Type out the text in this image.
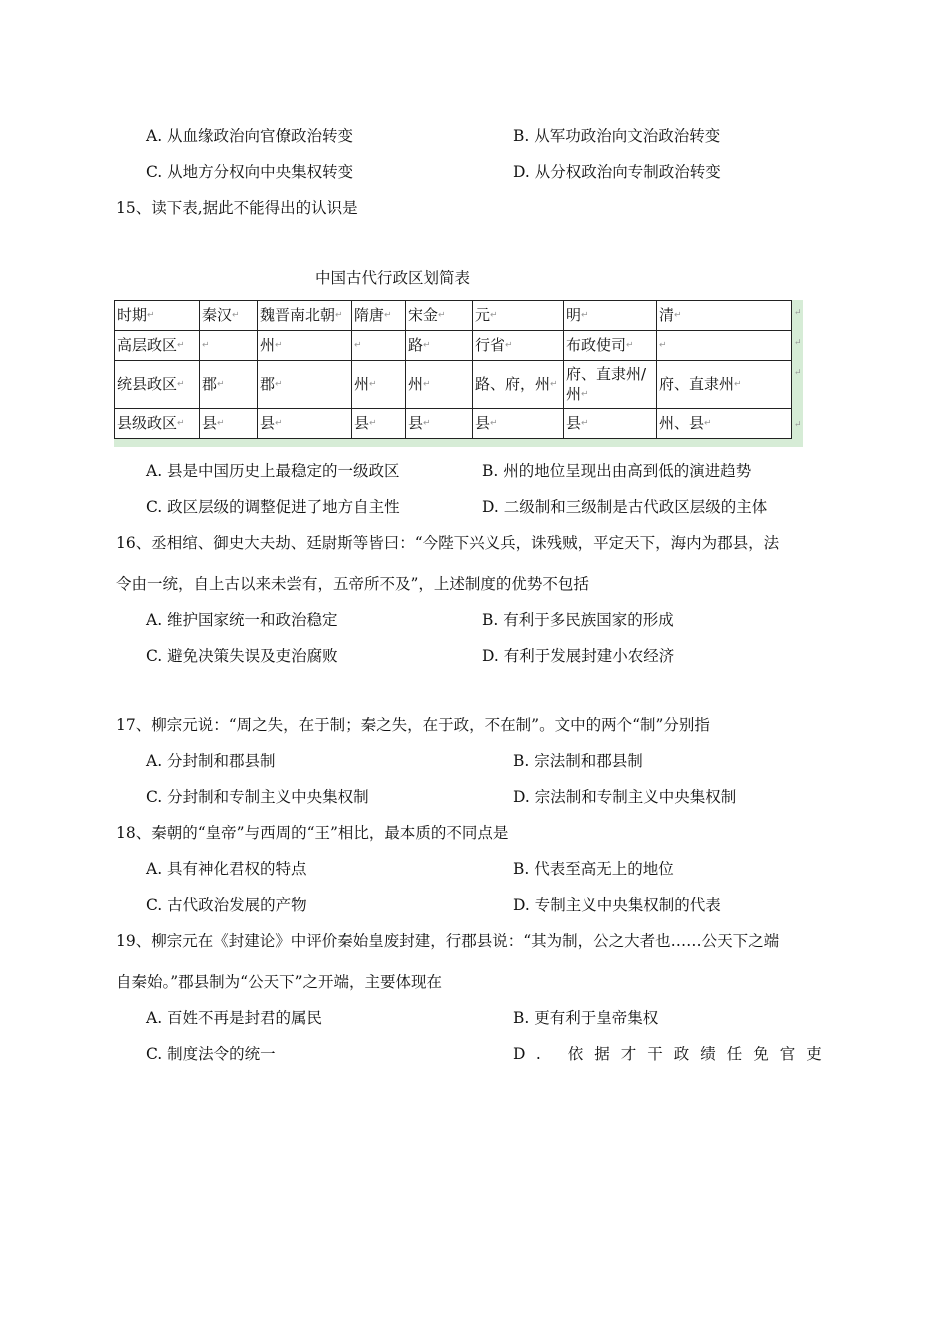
A. 从血缘政治向官僚政治转变	B. 从军功政治向文治政治转变
C. 从地方分权向中央集权转变	D. 从分权政治向专制政治转变
15、读下表,据此不能得出的认识是
中国古代行政区划简表
时期↵	秦汉↵	魏晋南北朝↵	隋唐↵	宋金↵	元↵	明↵	清↵
高层政区↵	↵	州↵	↵	路↵	行省↵	布政使司↵	↵
统县政区↵	郡↵	郡↵	州↵	州↵	路、府，州↵	府、直隶州/州↵	府、直隶州↵
县级政区↵	县↵	县↵	县↵	县↵	县↵	县↵	州、县↵
↵
↵
↵
↵
A. 县是中国历史上最稳定的一级政区	B. 州的地位呈现出由高到低的演进趋势
C. 政区层级的调整促进了地方自主性	D. 二级制和三级制是古代政区层级的主体
16、丞相绾、御史大夫劫、廷尉斯等皆曰：“今陛下兴义兵，诛残贼，平定天下，海内为郡县，法
令由一统，自上古以来未尝有，五帝所不及”，上述制度的优势不包括
A. 维护国家统一和政治稳定	B. 有利于多民族国家的形成
C. 避免决策失误及吏治腐败	D. 有利于发展封建小农经济
17、柳宗元说：“周之失，在于制；秦之失，在于政，不在制”。文中的两个“制”分别指
A. 分封制和郡县制	B. 宗法制和郡县制
C. 分封制和专制主义中央集权制	D. 宗法制和专制主义中央集权制
18、秦朝的“皇帝”与西周的“王”相比，最本质的不同点是
A. 具有神化君权的特点	B. 代表至高无上的地位
C. 古代政治发展的产物	D. 专制主义中央集权制的代表
19、柳宗元在《封建论》中评价秦始皇废封建，行郡县说：“其为制，公之大者也……公天下之端
自秦始。”郡县制为“公天下”之开端，主要体现在
A. 百姓不再是封君的属民	B. 更有利于皇帝集权
C. 制度法令的统一	D. 依据才干政绩任免官吏
